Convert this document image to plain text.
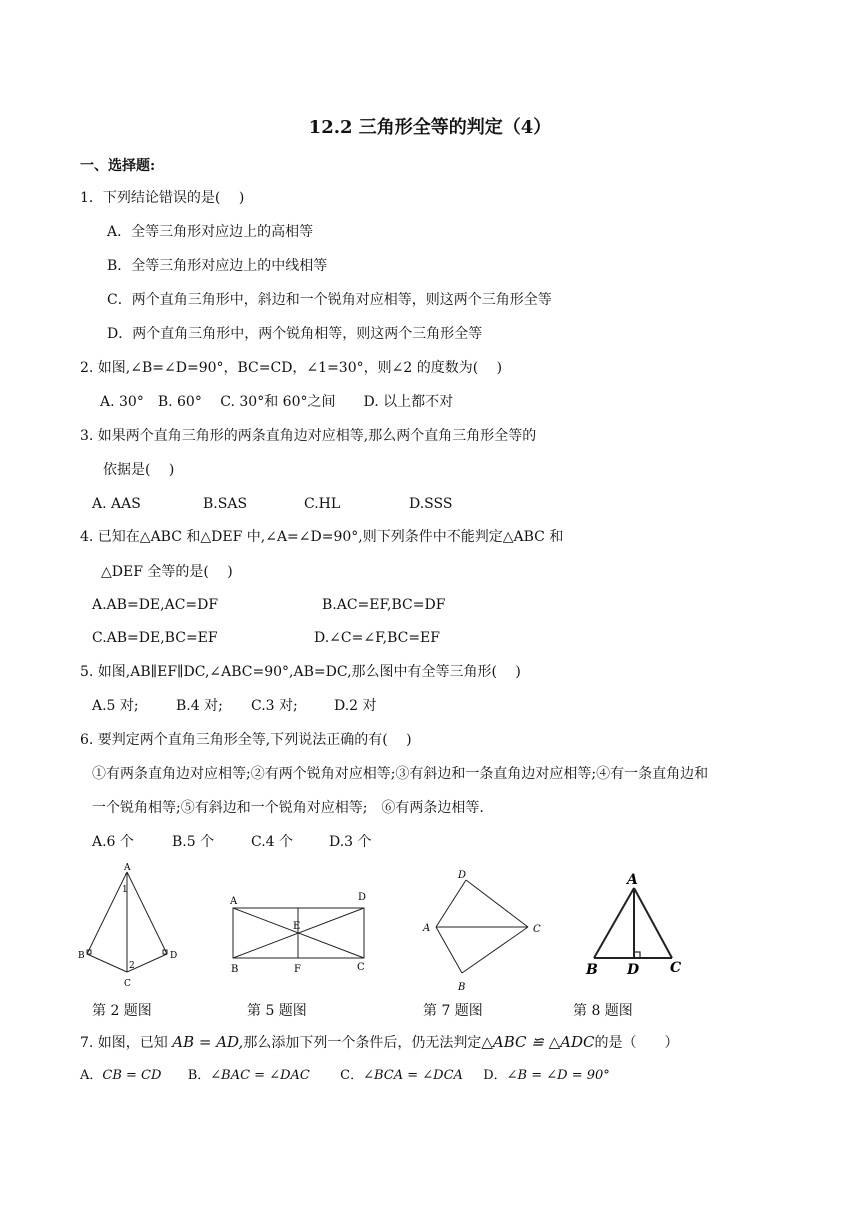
12.2 三角形全等的判定（4）
一、选择题:
1．下列结论错误的是(　 )
A．全等三角形对应边上的高相等
B．全等三角形对应边上的中线相等
C．两个直角三角形中，斜边和一个锐角对应相等，则这两个三角形全等
D．两个直角三角形中，两个锐角相等，则这两个三角形全等
2. 如图,∠B=∠D=90°，BC=CD，∠1=30°，则∠2 的度数为(　 )
A. 30°　B. 60°　 C. 30°和 60°之间　　D. 以上都不对
3. 如果两个直角三角形的两条直角边对应相等,那么两个直角三角形全等的
依据是(　 )
A. AAS	B.SAS	C.HL	D.SSS
4. 已知在△ABC 和△DEF 中,∠A=∠D=90°,则下列条件中不能判定△ABC 和
△DEF 全等的是(　 )
A.AB=DE,AC=DF	B.AC=EF,BC=DF
C.AB=DE,BC=EF	D.∠C=∠F,BC=EF
5. 如图,AB∥EF∥DC,∠ABC=90°,AB=DC,那么图中有全等三角形(　 )
A.5 对;	B.4 对; C.3 对;	D.2 对
6. 要判定两个直角三角形全等,下列说法正确的有(　 )
①有两条直角边对应相等;②有两个锐角对应相等;③有斜边和一条直角边对应相等;④有一条直角边和
一个锐角相等;⑤有斜边和一个锐角对应相等;　⑥有两条边相等.
A.6 个	B.5 个	C.4 个	D.3 个
A
B
C
D
1
2
A
B	C
D
E
F
D
A	C
B
A
B D C
第 2 题图	第 5 题图	第 7 题图	第 8 题图
7. 如图，已知 AB = AD,那么添加下列一个条件后，仍无法判定△ABC ≌ △ADC的是（　　）
A．CB = CD B．∠BAC = ∠DAC C．∠BCA = ∠DCA D．∠B = ∠D = 90°
